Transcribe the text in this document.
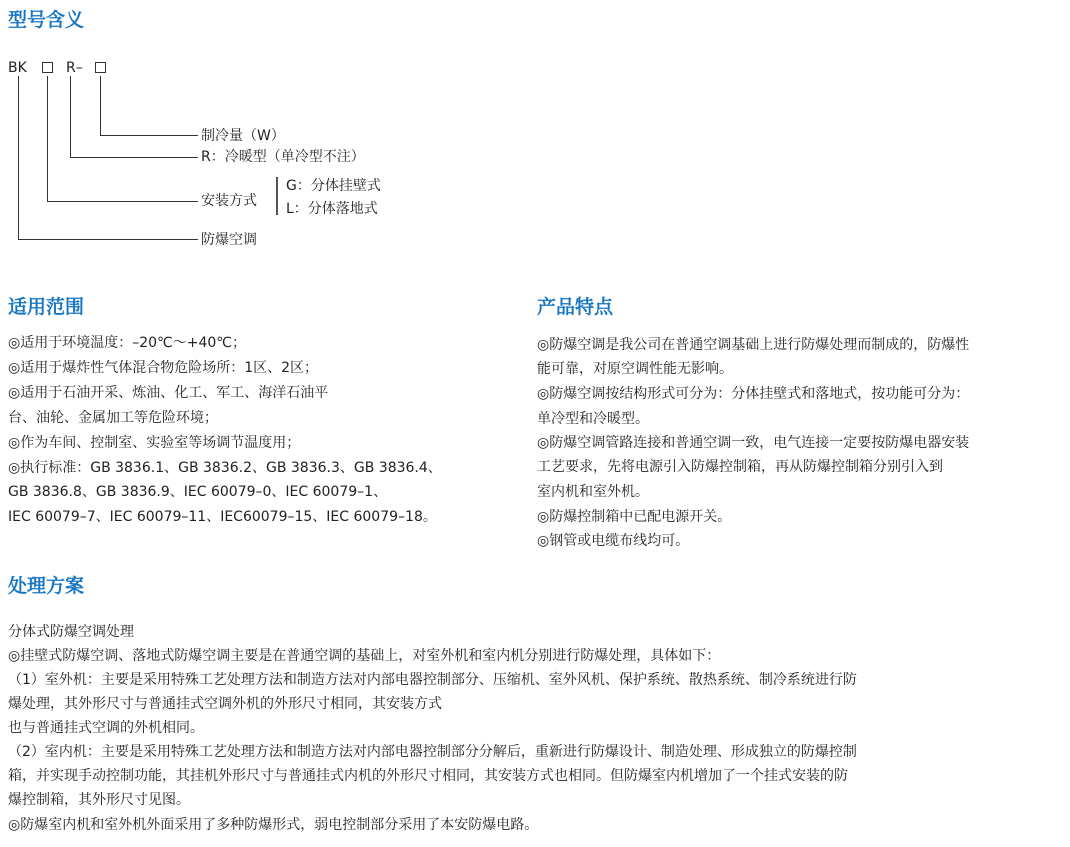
型号含义
BK	R–
制冷量（W）
R：冷暖型（单冷型不注）
安装方式
G：分体挂壁式
L：分体落地式
防爆空调
适用范围
◎适用于环境温度：–20℃～+40℃；
◎适用于爆炸性气体混合物危险场所：1区、2区；
◎适用于石油开采、炼油、化工、军工、海洋石油平
台、油轮、金属加工等危险环境；
◎作为车间、控制室、实验室等场调节温度用；
◎执行标准：GB 3836.1、GB 3836.2、GB 3836.3、GB 3836.4、
GB 3836.8、GB 3836.9、IEC 60079–0、IEC 60079–1、
IEC 60079–7、IEC 60079–11、IEC60079–15、IEC 60079–18。
产品特点
◎防爆空调是我公司在普通空调基础上进行防爆处理而制成的，防爆性
能可靠，对原空调性能无影响。
◎防爆空调按结构形式可分为：分体挂壁式和落地式，按功能可分为：
单冷型和冷暖型。
◎防爆空调管路连接和普通空调一致，电气连接一定要按防爆电器安装
工艺要求，先将电源引入防爆控制箱，再从防爆控制箱分别引入到
室内机和室外机。
◎防爆控制箱中已配电源开关。
◎钢管或电缆布线均可。
处理方案
分体式防爆空调处理
◎挂壁式防爆空调、落地式防爆空调主要是在普通空调的基础上，对室外机和室内机分别进行防爆处理，具体如下：
（1）室外机：主要是采用特殊工艺处理方法和制造方法对内部电器控制部分、压缩机、室外风机、保护系统、散热系统、制冷系统进行防
爆处理，其外形尺寸与普通挂式空调外机的外形尺寸相同，其安装方式
也与普通挂式空调的外机相同。
（2）室内机：主要是采用特殊工艺处理方法和制造方法对内部电器控制部分分解后，重新进行防爆设计、制造处理、形成独立的防爆控制
箱，并实现手动控制功能，其挂机外形尺寸与普通挂式内机的外形尺寸相同，其安装方式也相同。但防爆室内机增加了一个挂式安装的防
爆控制箱，其外形尺寸见图。
◎防爆室内机和室外机外面采用了多种防爆形式，弱电控制部分采用了本安防爆电路。
